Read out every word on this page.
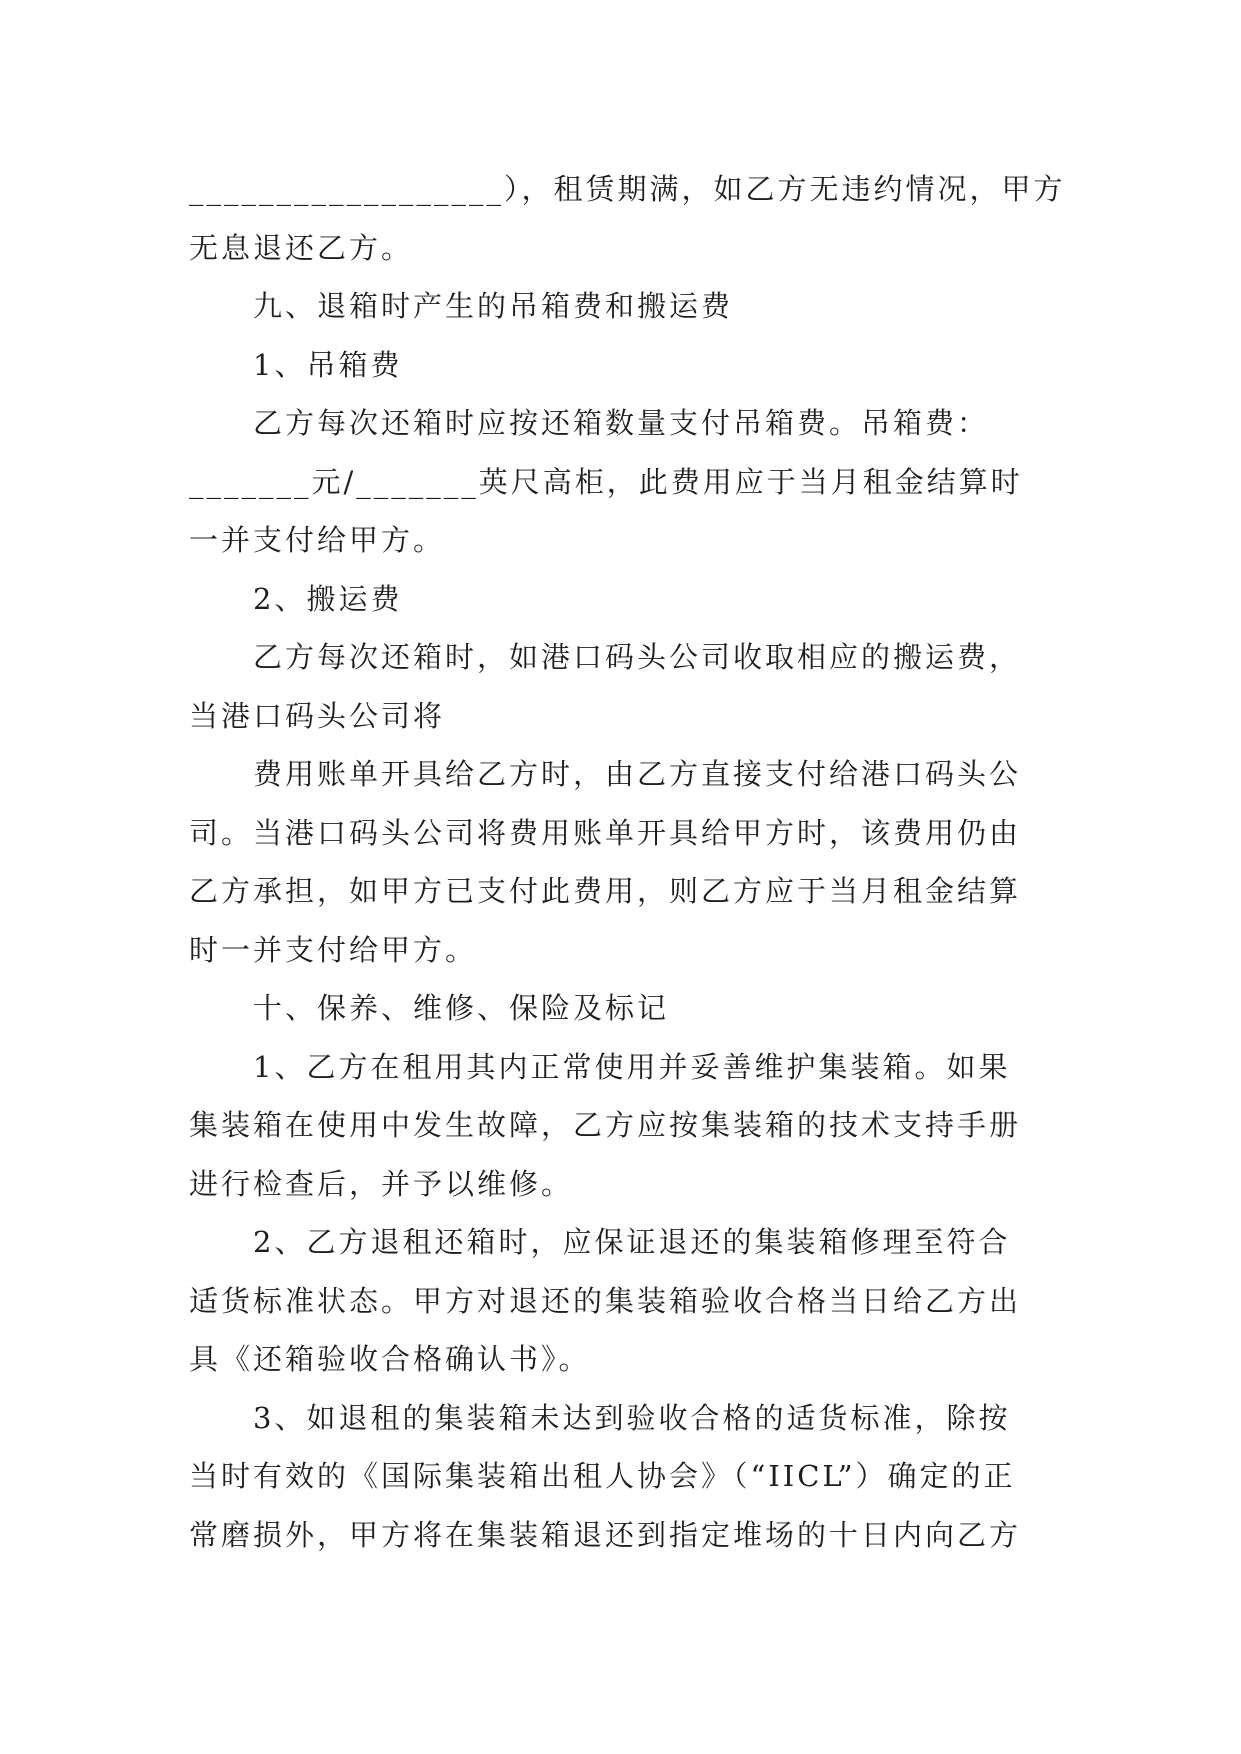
__________________），租赁期满，如乙方无违约情况，甲方
无息退还乙方。
九、退箱时产生的吊箱费和搬运费
1、吊箱费
乙方每次还箱时应按还箱数量支付吊箱费。吊箱费：
_______元/_______英尺高柜，此费用应于当月租金结算时
一并支付给甲方。
2、搬运费
乙方每次还箱时，如港口码头公司收取相应的搬运费，
当港口码头公司将
费用账单开具给乙方时，由乙方直接支付给港口码头公
司。当港口码头公司将费用账单开具给甲方时，该费用仍由
乙方承担，如甲方已支付此费用，则乙方应于当月租金结算
时一并支付给甲方。
十、保养、维修、保险及标记
1、乙方在租用其内正常使用并妥善维护集装箱。如果
集装箱在使用中发生故障，乙方应按集装箱的技术支持手册
进行检查后，并予以维修。
2、乙方退租还箱时，应保证退还的集装箱修理至符合
适货标准状态。甲方对退还的集装箱验收合格当日给乙方出
具《还箱验收合格确认书》。
3、如退租的集装箱未达到验收合格的适货标准，除按
当时有效的《国际集装箱出租人协会》（“IICL”）确定的正
常磨损外，甲方将在集装箱退还到指定堆场的十日内向乙方
